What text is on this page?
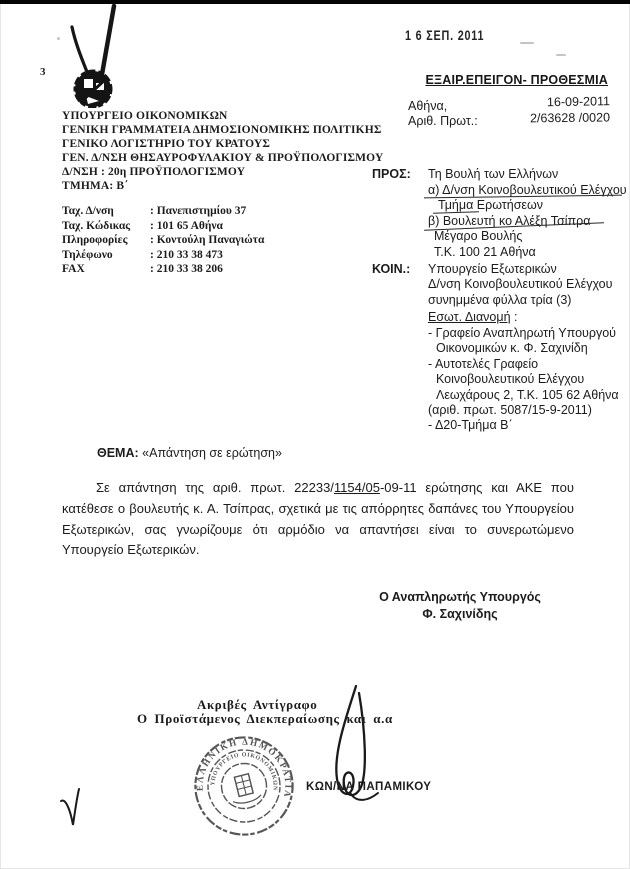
3
1 6 ΣΕΠ. 2011
ΕΞΑΙΡ.ΕΠΕΙΓΟΝ- ΠΡΟΘΕΣΜΙΑ
Αθήνα,	16-09-2011
Αριθ. Πρωτ.:	2/63628 /0020
ΥΠΟΥΡΓΕΙΟ ΟΙΚΟΝΟΜΙΚΩΝ
ΓΕΝΙΚΗ ΓΡΑΜΜΑΤΕΙΑ ΔΗΜΟΣΙΟΝΟΜΙΚΗΣ ΠΟΛΙΤΙΚΗΣ
ΓΕΝΙΚΟ ΛΟΓΙΣΤΗΡΙΟ ΤΟΥ ΚΡΑΤΟΥΣ
ΓΕΝ. Δ/ΝΣΗ ΘΗΣΑΥΡΟΦΥΛΑΚΙΟΥ & ΠΡΟΫΠΟΛΟΓΙΣΜΟΥ
Δ/ΝΣΗ : 20η ΠΡΟΫΠΟΛΟΓΙΣΜΟΥ
ΤΜΗΜΑ: Β΄
Ταχ. Δ/νση	: Πανεπιστημίου 37
Ταχ. Κώδικας	: 101 65 Αθήνα
Πληροφορίες	: Κοντούλη Παναγιώτα
Τηλέφωνο	: 210 33 38 473
FAX	: 210 33 38 206
ΠΡΟΣ: Τη Βουλή των Ελλήνων
α) Δ/νση Κοινοβουλευτικού Ελέγχου
Τμήμα Ερωτήσεων
β) Βουλευτή κο Αλέξη Τσίπρα
Μέγαρο Βουλής
Τ.Κ. 100 21 Αθήνα
ΚΟΙΝ.: Υπουργείο Εξωτερικών
Δ/νση Κοινοβουλευτικού Ελέγχου
συνημμένα φύλλα τρία (3)
Εσωτ. Διανομή :
- Γραφείο Αναπληρωτή Υπουργού
Οικονομικών κ. Φ. Σαχινίδη
- Αυτοτελές Γραφείο
Κοινοβουλευτικού Ελέγχου
Λεωχάρους 2, Τ.Κ. 105 62 Αθήνα
(αριθ. πρωτ. 5087/15-9-2011)
- Δ20-Τμήμα Β΄
ΘΕΜΑ: «Απάντηση σε ερώτηση»
Σε απάντηση της αριθ. πρωτ. 22233/1154/05-09-11 ερώτησης και ΑΚΕ που κατέθεσε ο βουλευτής κ. Α. Τσίπρας, σχετικά με τις απόρρητες δαπάνες του Υπουργείου Εξωτερικών, σας γνωρίζουμε ότι αρμόδιο να απαντήσει είναι το συνερωτώμενο Υπουργείο Εξωτερικών.
Ο Αναπληρωτής Υπουργός
Φ. Σαχινίδης
Ακριβές Αντίγραφο
Ο Προϊστάμενος Διεκπεραίωσης και α.α
ΕΛΛΗΝΙΚΗ ΔΗΜΟΚΡΑΤΙΑ
ΥΠΟΥΡΓΕΙΟ ΟΙΚΟΝΟΜΙΚΩΝ ΚΩΝ/ΝΑ ΠΑΠΑΜΙΚΟΥ
